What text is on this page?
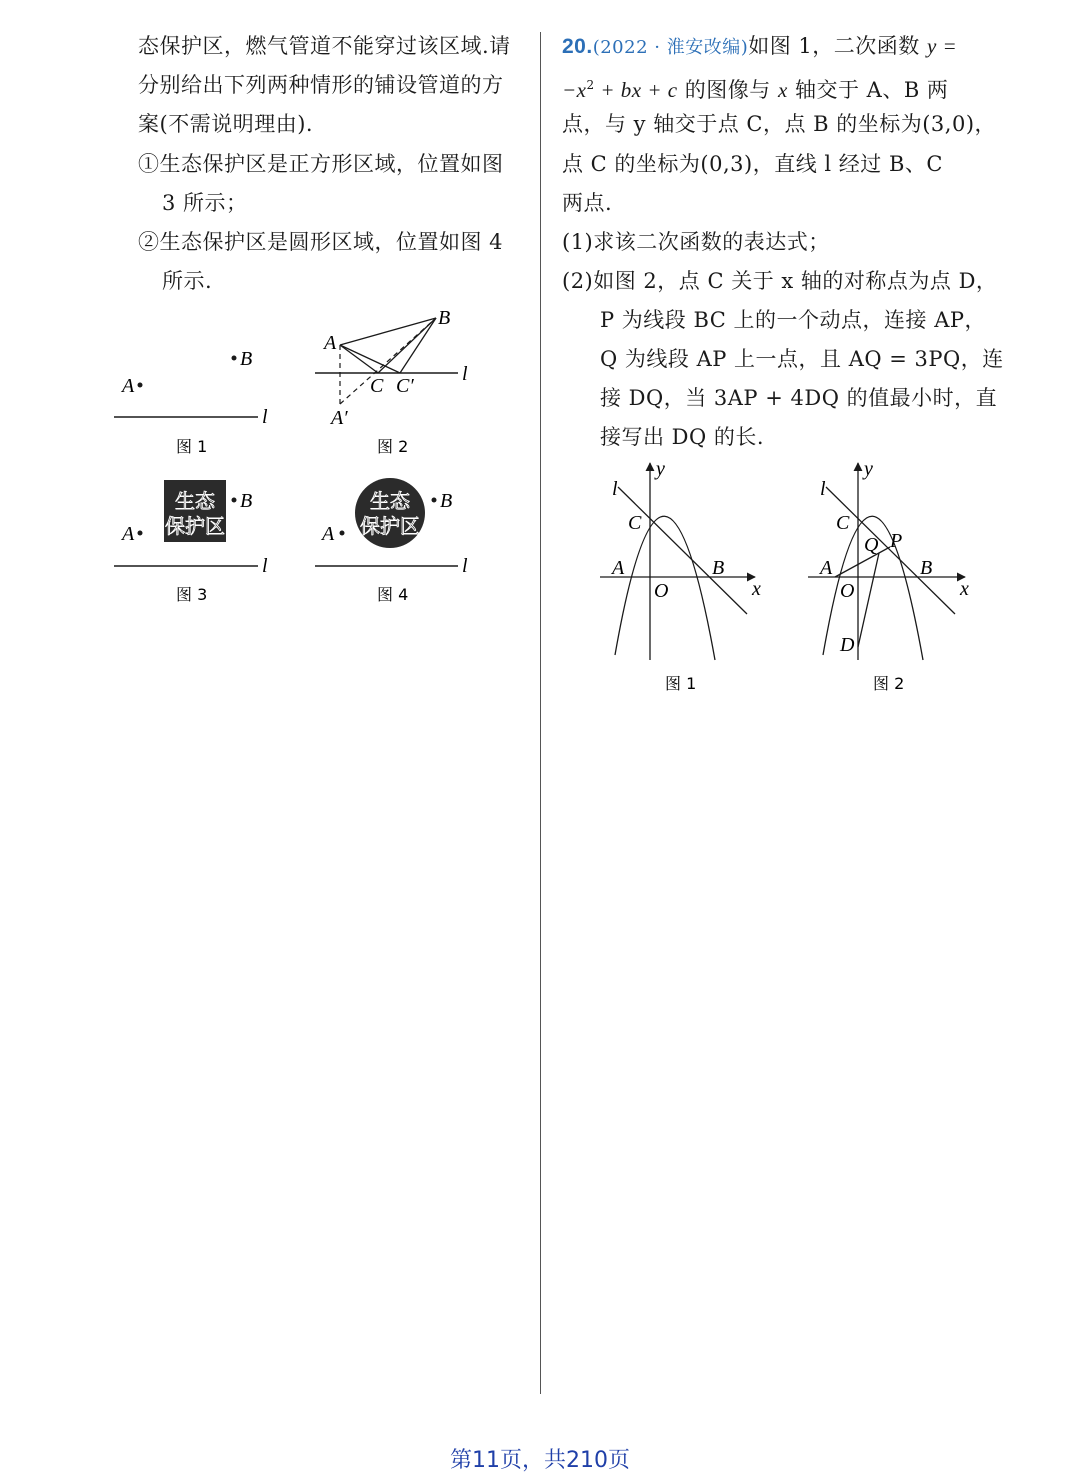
态保护区，燃气管道不能穿过该区域.请
分别给出下列两种情形的铺设管道的方
案(不需说明理由).
①生态保护区是正方形区域，位置如图
3 所示；
②生态保护区是圆形区域，位置如图 4
所示.
B
A
l
图 1
l
A
B
C C′
A′
图 2
生态
保护区
B
A
l
图 3
生态
保护区
B
A
l
图 4
20.(2022 · 淮安改编)如图 1，二次函数 y =
$-x^2$ + bx + c 的图像与 x 轴交于 A、B 两
点，与 y 轴交于点 C，点 B 的坐标为(3,0)，
点 C 的坐标为(0,3)，直线 l 经过 B、C
两点.
(1)求该二次函数的表达式；
(2)如图 2，点 C 关于 x 轴的对称点为点 D，
P 为线段 BC 上的一个动点，连接 AP，
Q 为线段 AP 上一点，且 AQ = 3PQ，连
接 DQ，当 3AP + 4DQ 的值最小时，直
接写出 DQ 的长.
y
l
C
A	B
O	x
图 1
y
l
C
Q P
A	B
O	x
D
图 2
第11页，共210页
